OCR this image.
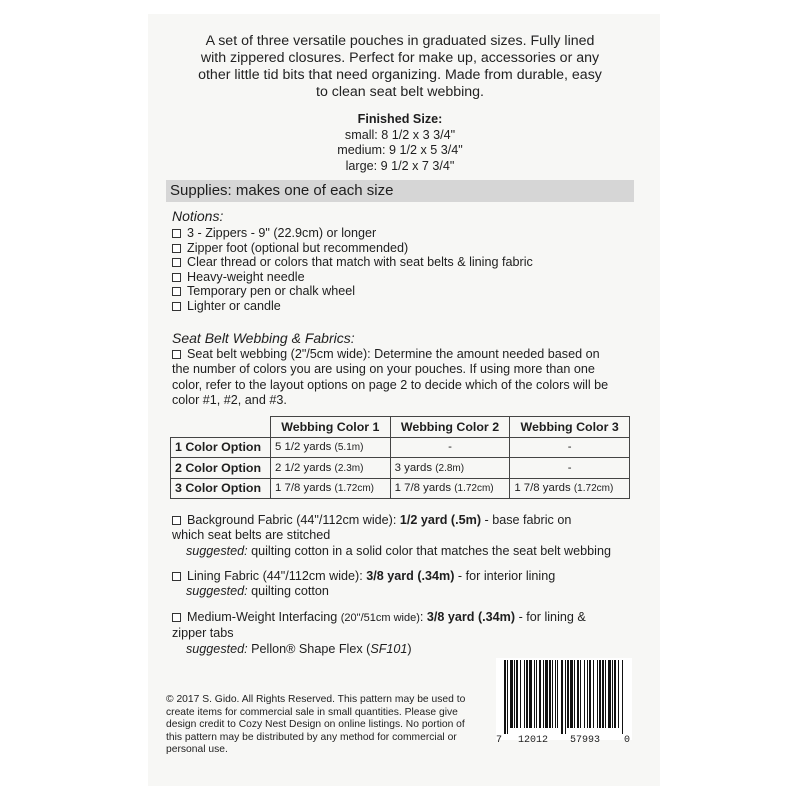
A set of three versatile pouches in graduated sizes. Fully lined
with zippered closures. Perfect for make up, accessories or any
other little tid bits that need organizing. Made from durable, easy
to clean seat belt webbing.
Finished Size:
small: 8 1/2 x 3 3/4"
medium: 9 1/2 x 5 3/4"
large: 9 1/2 x 7 3/4"
Supplies: makes one of each size
Notions:
3 - Zippers - 9" (22.9cm) or longer
Zipper foot (optional but recommended)
Clear thread or colors that match with seat belts & lining fabric
Heavy-weight needle
Temporary pen or chalk wheel
Lighter or candle
Seat Belt Webbing & Fabrics:
Seat belt webbing (2"/5cm wide): Determine the amount needed based on
the number of colors you are using on your pouches. If using more than one
color, refer to the layout options on page 2 to decide which of the colors will be
color #1, #2, and #3.
	Webbing Color 1	Webbing Color 2	Webbing Color 3
1 Color Option	5 1/2 yards (5.1m)	-	-
2 Color Option	2 1/2 yards (2.3m)	3 yards (2.8m)	-
3 Color Option	1 7/8 yards (1.72cm)	1 7/8 yards (1.72cm)	1 7/8 yards (1.72cm)
Background Fabric (44"/112cm wide): 1/2 yard (.5m) - base fabric on
which seat belts are stitched
suggested: quilting cotton in a solid color that matches the seat belt webbing
Lining Fabric (44"/112cm wide): 3/8 yard (.34m) - for interior lining
suggested: quilting cotton
Medium-Weight Interfacing (20"/51cm wide): 3/8 yard (.34m) - for lining &
zipper tabs
suggested: Pellon® Shape Flex (SF101)
© 2017 S. Gido. All Rights Reserved. This pattern may be used to
create items for commercial sale in small quantities. Please give
design credit to Cozy Nest Design on online listings. No portion of
this pattern may be distributed by any method for commercial or
personal use.
7 12012 57993 0
